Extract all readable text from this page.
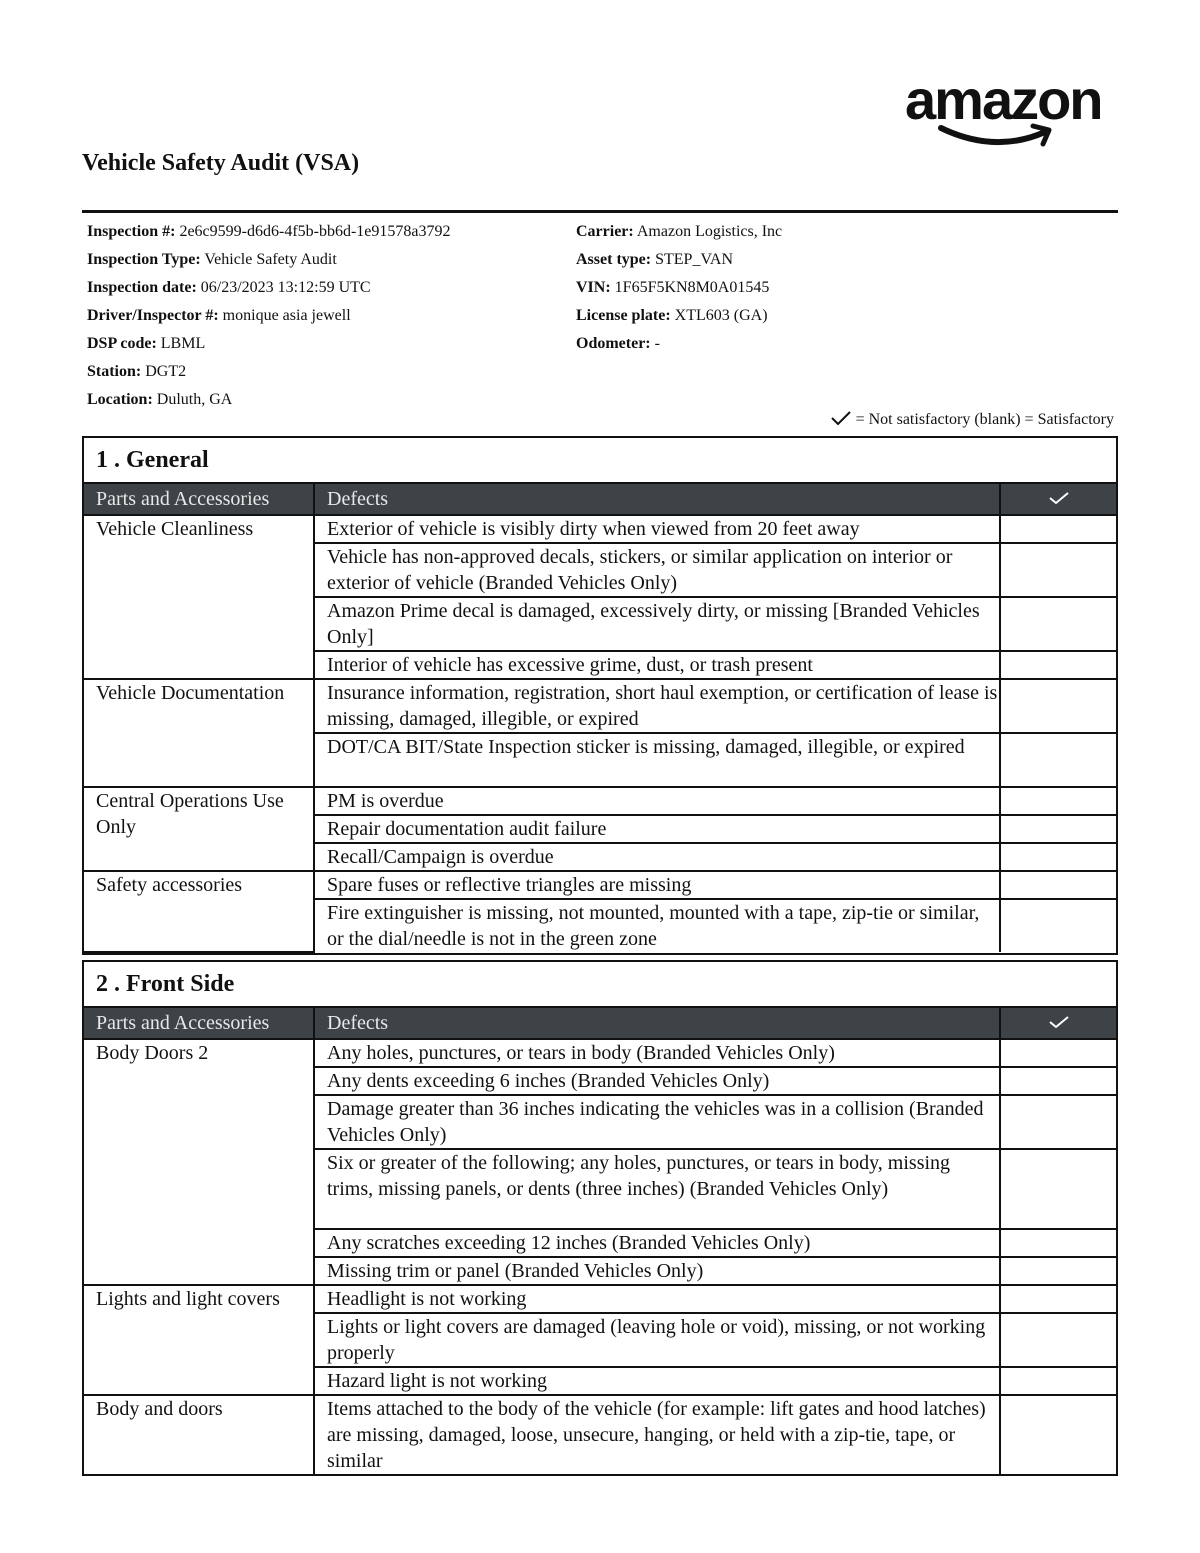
amazon
Vehicle Safety Audit (VSA)
Inspection #: 2e6c9599-d6d6-4f5b-bb6d-1e91578a3792
Inspection Type: Vehicle Safety Audit
Inspection date: 06/23/2023 13:12:59 UTC
Driver/Inspector #: monique asia jewell
DSP code: LBML
Station: DGT2
Location: Duluth, GA
Carrier: Amazon Logistics, Inc
Asset type: STEP_VAN
VIN: 1F65F5KN8M0A01545
License plate: XTL603 (GA)
Odometer: -
= Not satisfactory (blank) = Satisfactory
1 . General
Parts and Accessories	Defects	
Vehicle Cleanliness	Exterior of vehicle is visibly dirty when viewed from 20 feet away	
	Vehicle has non-approved decals, stickers, or similar application on interior or exterior of vehicle (Branded Vehicles Only)	
	Amazon Prime decal is damaged, excessively dirty, or missing [Branded Vehicles Only]	
	Interior of vehicle has excessive grime, dust, or trash present	
Vehicle Documentation	Insurance information, registration, short haul exemption, or certification of lease is missing, damaged, illegible, or expired	
	DOT/CA BIT/State Inspection sticker is missing, damaged, illegible, or expired	
Central Operations Use Only	PM is overdue	
	Repair documentation audit failure	
	Recall/Campaign is overdue	
Safety accessories	Spare fuses or reflective triangles are missing	
	Fire extinguisher is missing, not mounted, mounted with a tape, zip-tie or similar, or the dial/needle is not in the green zone	
2 . Front Side
Parts and Accessories	Defects	
Body Doors 2	Any holes, punctures, or tears in body (Branded Vehicles Only)	
	Any dents exceeding 6 inches (Branded Vehicles Only)	
	Damage greater than 36 inches indicating the vehicles was in a collision (Branded Vehicles Only)	
	Six or greater of the following; any holes, punctures, or tears in body, missing trims, missing panels, or dents (three inches) (Branded Vehicles Only)	
	Any scratches exceeding 12 inches (Branded Vehicles Only)	
	Missing trim or panel (Branded Vehicles Only)	
Lights and light covers	Headlight is not working	
	Lights or light covers are damaged (leaving hole or void), missing, or not working properly	
	Hazard light is not working	
Body and doors	Items attached to the body of the vehicle (for example: lift gates and hood latches) are missing, damaged, loose, unsecure, hanging, or held with a zip-tie, tape, or similar	
